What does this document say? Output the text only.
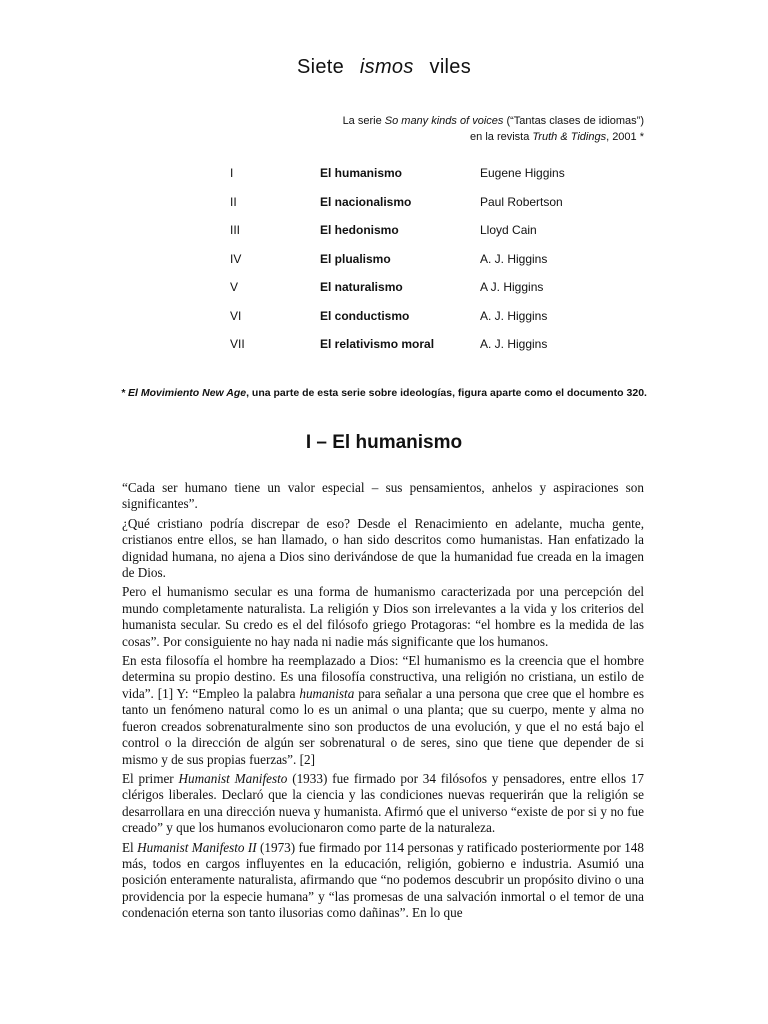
Siete ismos viles
La serie So many kinds of voices (“Tantas clases de idiomas”)
en la revista Truth & Tidings, 2001 *
I	El humanismo	Eugene Higgins
II	El nacionalismo	Paul Robertson
III	El hedonismo	Lloyd Cain
IV	El plualismo	A. J. Higgins
V	El naturalismo	A J. Higgins
VI	El conductismo	A. J. Higgins
VII	El relativismo moral	A. J. Higgins
* El Movimiento New Age, una parte de esta serie sobre ideologías, figura aparte como el documento 320.
I – El humanismo

“Cada ser humano tiene un valor especial – sus pensamientos, anhelos y aspiraciones son significantes”.

¿Qué cristiano podría discrepar de eso? Desde el Renacimiento en adelante, mucha gente, cristianos entre ellos, se han llamado, o han sido descritos como humanistas. Han enfatizado la dignidad humana, no ajena a Dios sino derivándose de que la humanidad fue creada en la imagen de Dios.

Pero el humanismo secular es una forma de humanismo caracterizada por una percepción del mundo completamente naturalista. La religión y Dios son irrelevantes a la vida y los criterios del humanista secular. Su credo es el del filósofo griego Protagoras: “el hombre es la medida de las cosas”. Por consiguiente no hay nada ni nadie más significante que los humanos.

En esta filosofía el hombre ha reemplazado a Dios: “El humanismo es la creencia que el hombre determina su propio destino. Es una filosofía constructiva, una religión no cristiana, un estilo de vida”. [1] Y: “Empleo la palabra humanista para señalar a una persona que cree que el hombre es tanto un fenómeno natural como lo es un animal o una planta; que su cuerpo, mente y alma no fueron creados sobrenaturalmente sino son productos de una evolución, y que el no está bajo el control o la dirección de algún ser sobrenatural o de seres, sino que tiene que depender de si mismo y de sus propias fuerzas”. [2]

El primer Humanist Manifesto (1933) fue firmado por 34 filósofos y pensadores, entre ellos 17 clérigos liberales. Declaró que la ciencia y las condiciones nuevas requerirán que la religión se desarrollara en una dirección nueva y humanista. Afirmó que el universo “existe de por si y no fue creado” y que los humanos evolucionaron como parte de la naturaleza.

El Humanist Manifesto II (1973) fue firmado por 114 personas y ratificado posteriormente por 148 más, todos en cargos influyentes en la educación, religión, gobierno e industria. Asumió una posición enteramente naturalista, afirmando que “no podemos descubrir un propósito divino o una providencia por la especie humana” y “las promesas de una salvación inmortal o el temor de una condenación eterna son tanto ilusorias como dañinas”. En lo que
